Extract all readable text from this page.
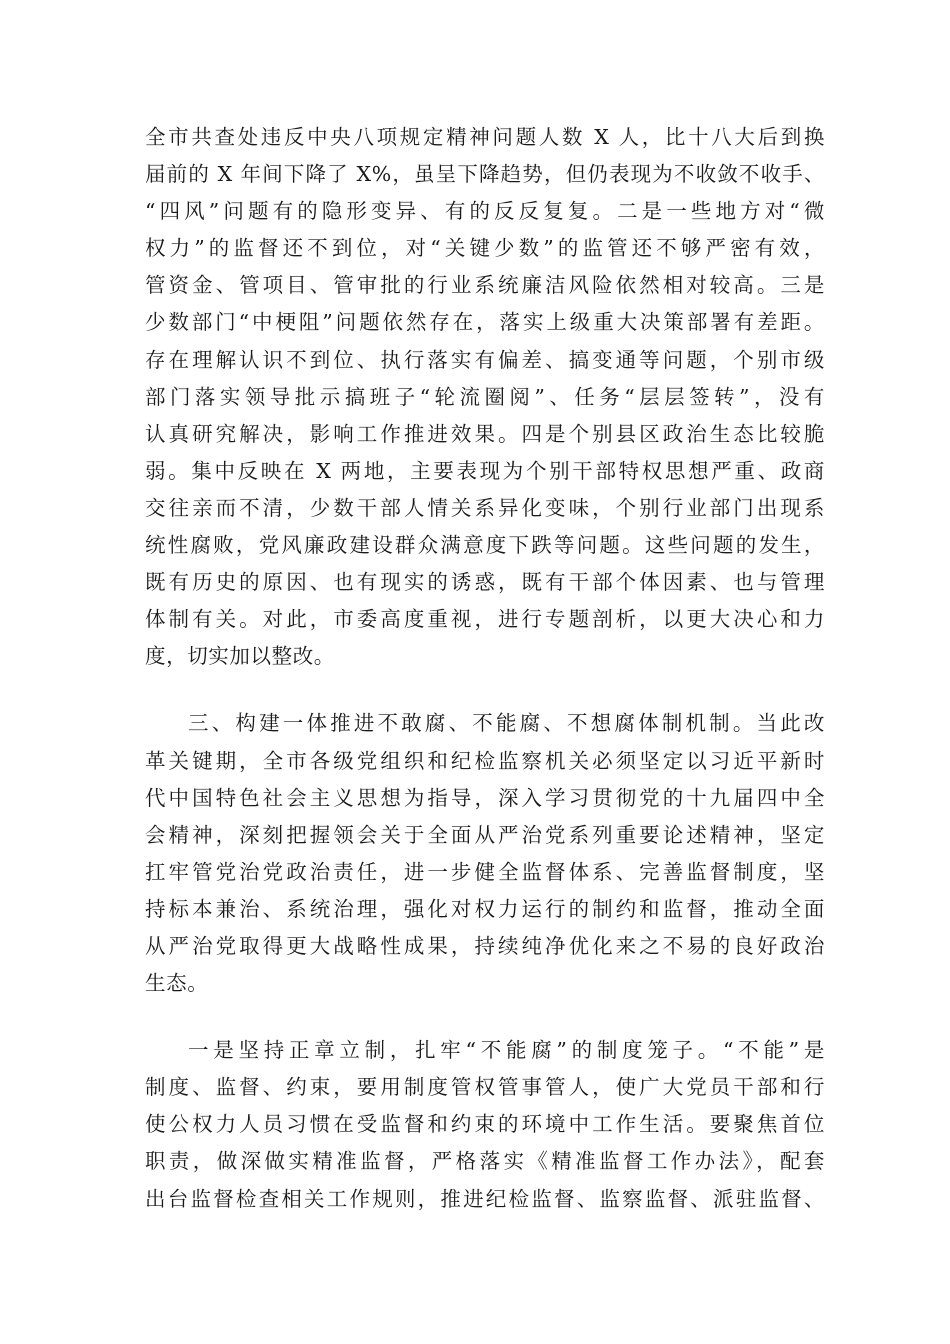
全市共查处违反中央八项规定精神问题人数 X 人，比十八大后到换
届前的 X 年间下降了 X%，虽呈下降趋势，但仍表现为不收敛不收手、
“四风”问题有的隐形变异、有的反反复复。二是一些地方对“微
权力”的监督还不到位，对“关键少数”的监管还不够严密有效，
管资金、管项目、管审批的行业系统廉洁风险依然相对较高。三是
少数部门“中梗阻”问题依然存在，落实上级重大决策部署有差距。
存在理解认识不到位、执行落实有偏差、搞变通等问题，个别市级
部门落实领导批示搞班子“轮流圈阅”、任务“层层签转”，没有
认真研究解决，影响工作推进效果。四是个别县区政治生态比较脆
弱。集中反映在 X 两地，主要表现为个别干部特权思想严重、政商
交往亲而不清，少数干部人情关系异化变味，个别行业部门出现系
统性腐败，党风廉政建设群众满意度下跌等问题。这些问题的发生，
既有历史的原因、也有现实的诱惑，既有干部个体因素、也与管理
体制有关。对此，市委高度重视，进行专题剖析，以更大决心和力
度，切实加以整改。
三、构建一体推进不敢腐、不能腐、不想腐体制机制。当此改
革关键期，全市各级党组织和纪检监察机关必须坚定以习近平新时
代中国特色社会主义思想为指导，深入学习贯彻党的十九届四中全
会精神，深刻把握领会关于全面从严治党系列重要论述精神，坚定
扛牢管党治党政治责任，进一步健全监督体系、完善监督制度，坚
持标本兼治、系统治理，强化对权力运行的制约和监督，推动全面
从严治党取得更大战略性成果，持续纯净优化来之不易的良好政治
生态。
一是坚持正章立制，扎牢“不能腐”的制度笼子。“不能”是
制度、监督、约束，要用制度管权管事管人，使广大党员干部和行
使公权力人员习惯在受监督和约束的环境中工作生活。要聚焦首位
职责，做深做实精准监督，严格落实《精准监督工作办法》，配套
出台监督检查相关工作规则，推进纪检监督、监察监督、派驻监督、
